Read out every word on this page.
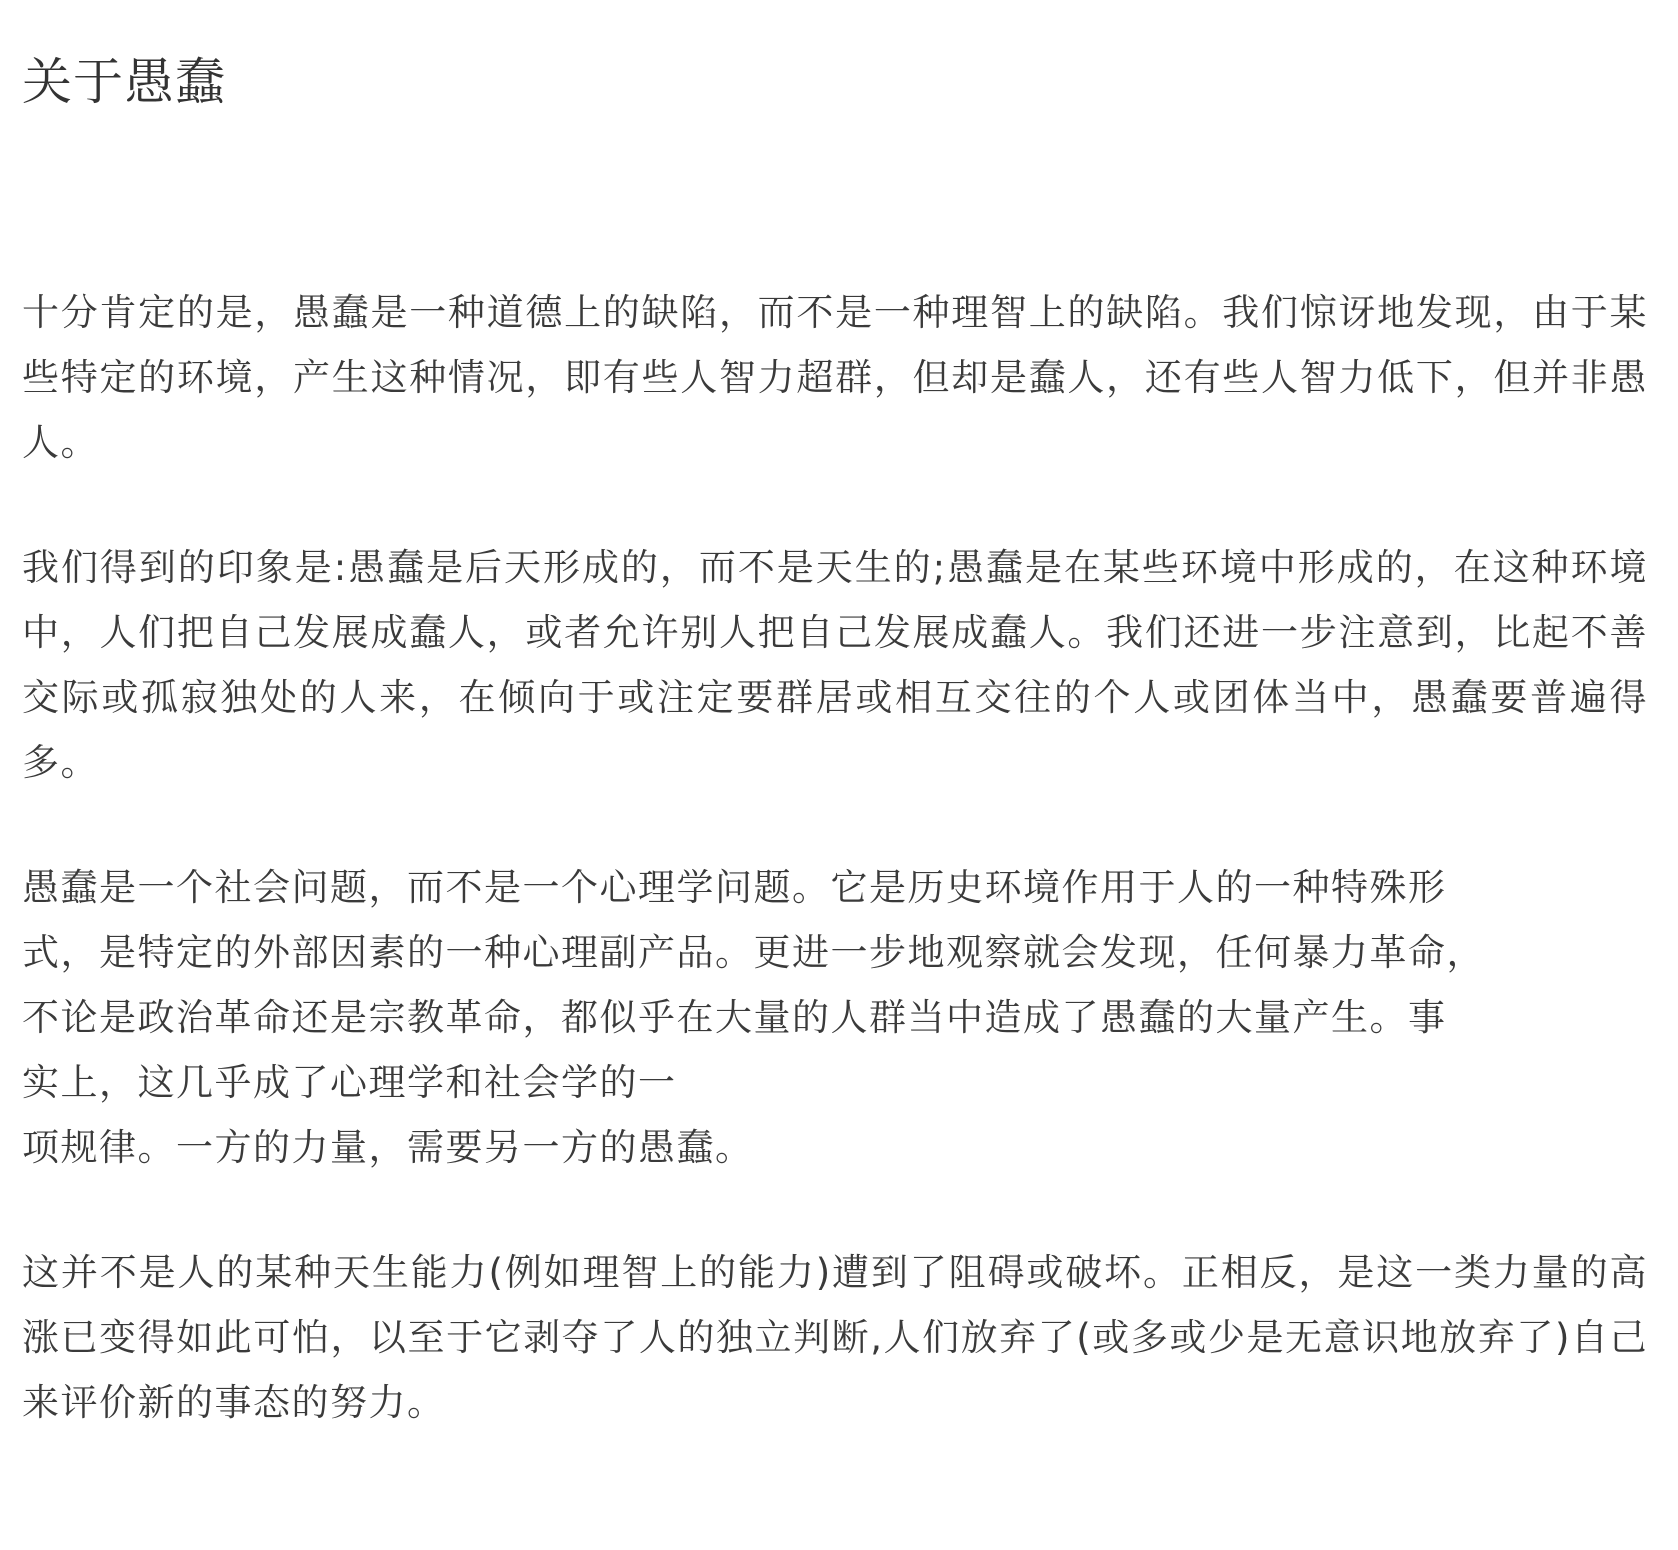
关于愚蠢

十分肯定的是，愚蠢是一种道德上的缺陷，而不是一种理智上的缺陷。我们惊讶地发现，由于某些特定的环境，产生这种情况，即有些人智力超群，但却是蠢人，还有些人智力低下，但并非愚人。

我们得到的印象是:愚蠢是后天形成的，而不是天生的;愚蠢是在某些环境中形成的，在这种环境中，人们把自己发展成蠢人，或者允许别人把自己发展成蠢人。我们还进一步注意到，比起不善交际或孤寂独处的人来，在倾向于或注定要群居或相互交往的个人或团体当中，愚蠢要普遍得多。

愚蠢是一个社会问题，而不是一个心理学问题。它是历史环境作用于人的一种特殊形
式，是特定的外部因素的一种心理副产品。更进一步地观察就会发现，任何暴力革命，
不论是政治革命还是宗教革命，都似乎在大量的人群当中造成了愚蠢的大量产生。事
实上，这几乎成了心理学和社会学的一
项规律。一方的力量，需要另一方的愚蠢。

这并不是人的某种天生能力(例如理智上的能力)遭到了阻碍或破坏。正相反，是这一类力量的高涨已变得如此可怕，以至于它剥夺了人的独立判断,人们放弃了(或多或少是无意识地放弃了)自己来评价新的事态的努力。
